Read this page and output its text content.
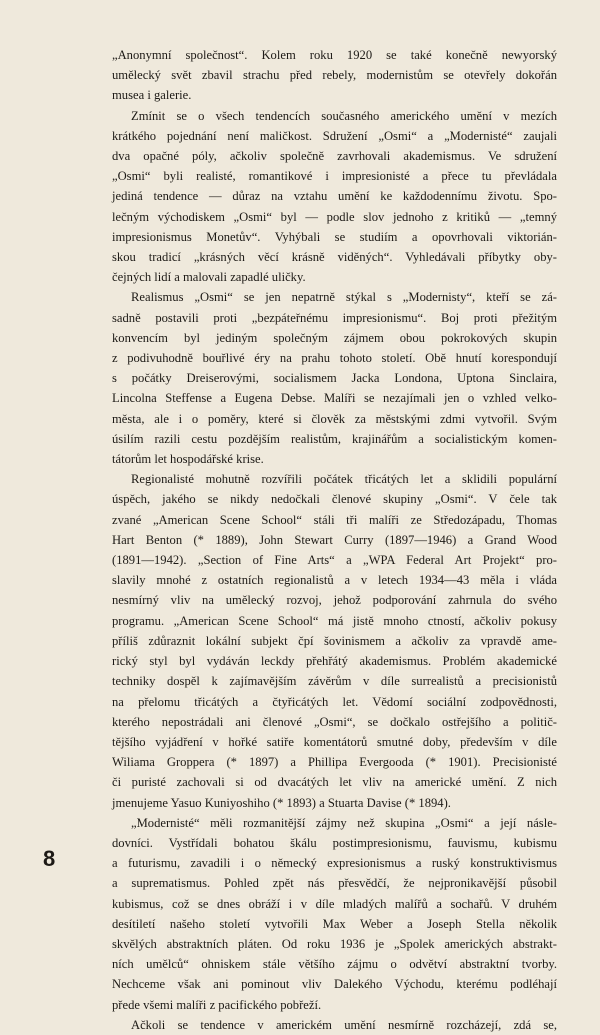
„Anonymní společnost“. Kolem roku 1920 se také konečně newyorský
umělecký svět zbavil strachu před rebely, modernistům se otevřely dokořán
musea i galerie.
Zmínit se o všech tendencích současného amerického umění v mezích
krátkého pojednání není maličkost. Sdružení „Osmi“ a „Modernisté“ zaujali
dva opačné póly, ačkoliv společně zavrhovali akademismus. Ve sdružení
„Osmi“ byli realisté, romantikové i impresionisté a přece tu převládala
jediná tendence — důraz na vztahu umění ke každodennímu životu. Spo-
lečným východiskem „Osmi“ byl — podle slov jednoho z kritiků — „temný
impresionismus Monetův“. Vyhýbali se studiím a opovrhovali viktorián-
skou tradicí „krásných věcí krásně viděných“. Vyhledávali příbytky oby-
čejných lidí a malovali zapadlé uličky.
Realismus „Osmi“ se jen nepatrně stýkal s „Modernisty“, kteří se zá-
sadně postavili proti „bezpáteřnému impresionismu“. Boj proti přežitým
konvencím byl jediným společným zájmem obou pokrokových skupin
z podivuhodně bouřlivé éry na prahu tohoto století. Obě hnutí korespondují
s počátky Dreiserovými, socialismem Jacka Londona, Uptona Sinclaira,
Lincolna Steffense a Eugena Debse. Malíři se nezajímali jen o vzhled velko-
města, ale i o poměry, které si člověk za městskými zdmi vytvořil. Svým
úsilím razili cestu pozdějším realistům, krajinářům a socialistickým komen-
tátorům let hospodářské krise.
Regionalisté mohutně rozvířili počátek třicátých let a sklidili populární
úspěch, jakého se nikdy nedočkali členové skupiny „Osmi“. V čele tak
zvané „American Scene School“ stáli tři malíři ze Středozápadu, Thomas
Hart Benton (* 1889), John Stewart Curry (1897—1946) a Grand Wood
(1891—1942). „Section of Fine Arts“ a „WPA Federal Art Projekt“ pro-
slavily mnohé z ostatních regionalistů a v letech 1934—43 měla i vláda
nesmírný vliv na umělecký rozvoj, jehož podporování zahrnula do svého
programu. „American Scene School“ má jistě mnoho ctností, ačkoliv pokusy
příliš zdůraznit lokální subjekt čpí šovinismem a ačkoliv za vpravdě ame-
rický styl byl vydáván leckdy přehřátý akademismus. Problém akademické
techniky dospěl k zajímavějším závěrům v díle surrealistů a precisionistů
na přelomu třicátých a čtyřicátých let. Vědomí sociální zodpovědnosti,
kterého nepostrádali ani členové „Osmi“, se dočkalo ostřejšího a politič-
tějšího vyjádření v hořké satiře komentátorů smutné doby, především v díle
Wiliama Groppera (* 1897) a Phillipa Evergooda (* 1901). Precisionisté
či puristé zachovali si od dvacátých let vliv na americké umění. Z nich
jmenujeme Yasuo Kuniyoshiho (* 1893) a Stuarta Davise (* 1894).
„Modernisté“ měli rozmanitější zájmy než skupina „Osmi“ a její násle-
dovníci. Vystřídali bohatou škálu postimpresionismu, fauvismu, kubismu
a futurismu, zavadili i o německý expresionismus a ruský konstruktivismus
a suprematismus. Pohled zpět nás přesvědčí, že nejpronikavější působil
kubismus, což se dnes obráží i v díle mladých malířů a sochařů. V druhém
desítiletí našeho století vytvořili Max Weber a Joseph Stella několik
skvělých abstraktních pláten. Od roku 1936 je „Spolek amerických abstrakt-
ních umělců“ ohniskem stále většího zájmu o odvětví abstraktní tvorby.
Nechceme však ani pominout vliv Dalekého Východu, kterému podléhají
přede všemi malíři z pacifického pobřeží.
Ačkoli se tendence v americkém umění nesmírně rozcházejí, zdá se,
8
